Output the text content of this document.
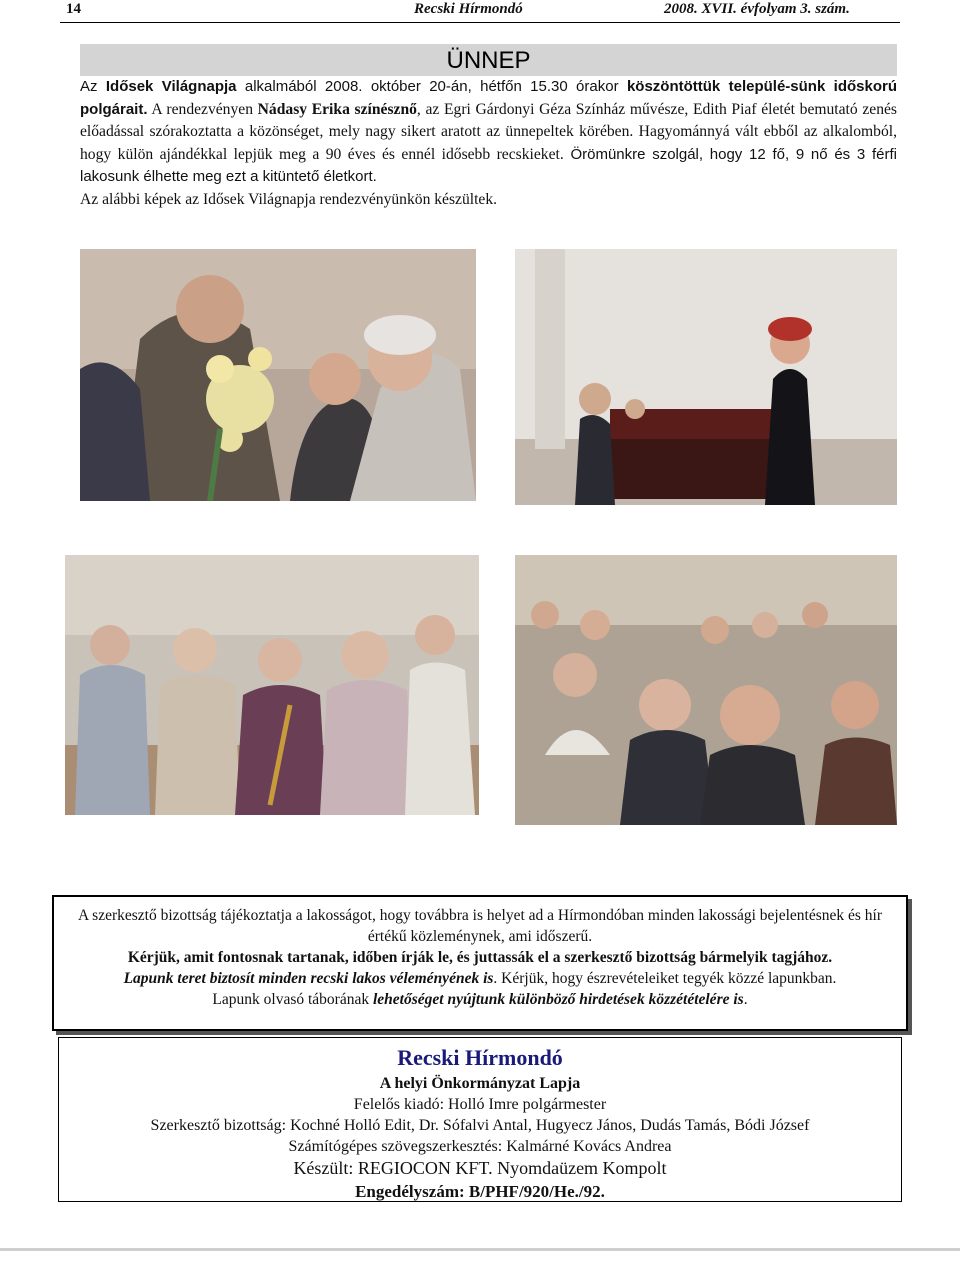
14	Recski Hírmondó	2008. XVII. évfolyam 3. szám.
ÜNNEP

Az Idősek Világnapja alkalmából 2008. október 20-án, hétfőn 15.30 órakor köszöntöttük települé-sünk időskorú polgárait. A rendezvényen Nádasy Erika színésznő, az Egri Gárdonyi Géza Színház művésze, Edith Piaf életét bemutató zenés előadással szórakoztatta a közönséget, mely nagy sikert aratott az ünnepeltek körében. Hagyománnyá vált ebből az alkalomból, hogy külön ajándékkal lepjük meg a 90 éves és ennél idősebb recskieket. Örömünkre szolgál, hogy 12 fő, 9 nő és 3 férfi lakosunk élhette meg ezt a kitüntető életkort.

Az alábbi képek az Idősek Világnapja rendezvényünkön készültek.

A szerkesztő bizottság tájékoztatja a lakosságot, hogy továbbra is helyet ad a Hírmondóban minden lakossági bejelentésnek és hír értékű közleménynek, ami időszerű.

Kérjük, amit fontosnak tartanak, időben írják le, és juttassák el a szerkesztő bizottság bármelyik tagjához.

Lapunk teret biztosít minden recski lakos véleményének is. Kérjük, hogy észrevételeiket tegyék közzé lapunkban.

Lapunk olvasó táborának lehetőséget nyújtunk különböző hirdetések közzétételére is.

Recski Hírmondó
A helyi Önkormányzat Lapja
Felelős kiadó: Holló Imre polgármester
Szerkesztő bizottság: Kochné Holló Edit, Dr. Sófalvi Antal, Hugyecz János, Dudás Tamás, Bódi József
Számítógépes szövegszerkesztés: Kalmárné Kovács Andrea
Készült: REGIOCON KFT. Nyomdaüzem Kompolt
Engedélyszám: B/PHF/920/He./92.
